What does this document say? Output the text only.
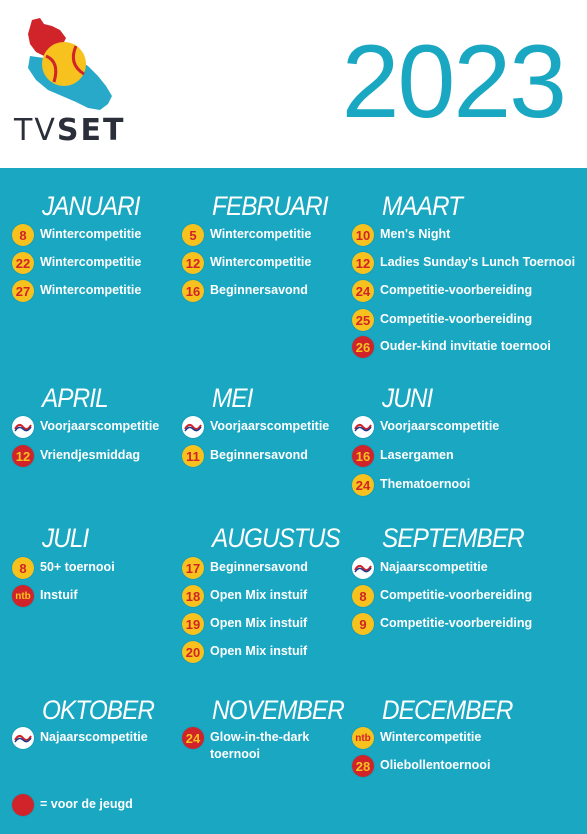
TVSET 2023
JANUARI
8 Wintercompetitie
22 Wintercompetitie
27 Wintercompetitie
FEBRUARI
5 Wintercompetitie
12 Wintercompetitie
16 Beginnersavond
MAART
10 Men's Night
12 Ladies Sunday's Lunch Toernooi
24 Competitie-voorbereiding
25 Competitie-voorbereiding
26 Ouder-kind invitatie toernooi
APRIL
Voorjaarscompetitie
12 Vriendjesmiddag
MEI
Voorjaarscompetitie
11 Beginnersavond
JUNI
Voorjaarscompetitie
16 Lasergamen
24 Thematoernooi
JULI
8 50+ toernooi
ntb Instuif
AUGUSTUS
17 Beginnersavond
18 Open Mix instuif
19 Open Mix instuif
20 Open Mix instuif
SEPTEMBER
Najaarscompetitie
8 Competitie-voorbereiding
9 Competitie-voorbereiding
OKTOBER
Najaarscompetitie
NOVEMBER
24 Glow-in-the-dark toernooi
DECEMBER
ntb Wintercompetitie
28 Oliebollentoernooi
= voor de jeugd
